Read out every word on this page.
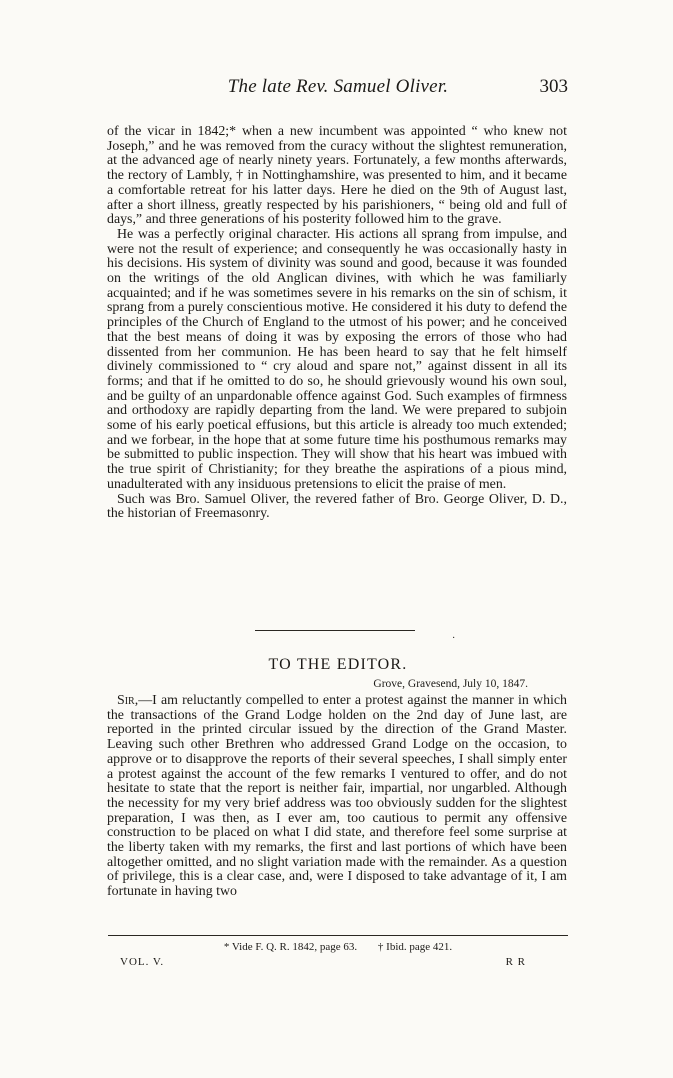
The late Rev. Samuel Oliver.	303

of the vicar in 1842;* when a new incumbent was appointed “ who knew not Joseph,” and he was removed from the curacy without the slightest remuneration, at the advanced age of nearly ninety years. Fortunately, a few months afterwards, the rectory of Lambly, † in Nottinghamshire, was presented to him, and it became a comfortable retreat for his latter days. Here he died on the 9th of August last, after a short illness, greatly respected by his parishioners, “ being old and full of days,” and three generations of his posterity followed him to the grave.

He was a perfectly original character. His actions all sprang from impulse, and were not the result of experience; and consequently he was occasionally hasty in his decisions. His system of divinity was sound and good, because it was founded on the writings of the old Anglican divines, with which he was familiarly acquainted; and if he was sometimes severe in his remarks on the sin of schism, it sprang from a purely conscientious motive. He considered it his duty to defend the principles of the Church of England to the utmost of his power; and he conceived that the best means of doing it was by exposing the errors of those who had dissented from her communion. He has been heard to say that he felt himself divinely commissioned to “ cry aloud and spare not,” against dissent in all its forms; and that if he omitted to do so, he should grievously wound his own soul, and be guilty of an unpardonable offence against God. Such examples of firmness and orthodoxy are rapidly departing from the land. We were prepared to subjoin some of his early poetical effusions, but this article is already too much extended; and we forbear, in the hope that at some future time his posthumous remarks may be submitted to public inspection. They will show that his heart was imbued with the true spirit of Christianity; for they breathe the aspirations of a pious mind, unadulterated with any insiduous pretensions to elicit the praise of men.

Such was Bro. Samuel Oliver, the revered father of Bro. George Oliver, D. D., the historian of Freemasonry.

·
TO THE EDITOR.
Grove, Gravesend, July 10, 1847.

Sir,—I am reluctantly compelled to enter a protest against the manner in which the transactions of the Grand Lodge holden on the 2nd day of June last, are reported in the printed circular issued by the direction of the Grand Master. Leaving such other Brethren who addressed Grand Lodge on the occasion, to approve or to disapprove the reports of their several speeches, I shall simply enter a protest against the account of the few remarks I ventured to offer, and do not hesitate to state that the report is neither fair, impartial, nor ungarbled. Although the necessity for my very brief address was too obviously sudden for the slightest preparation, I was then, as I ever am, too cautious to permit any offensive construction to be placed on what I did state, and therefore feel some surprise at the liberty taken with my remarks, the first and last portions of which have been altogether omitted, and no slight variation made with the remainder. As a question of privilege, this is a clear case, and, were I disposed to take advantage of it, I am fortunate in having two

* Vide F. Q. R. 1842, page 63. † Ibid. page 421.
VOL. V.	R R
